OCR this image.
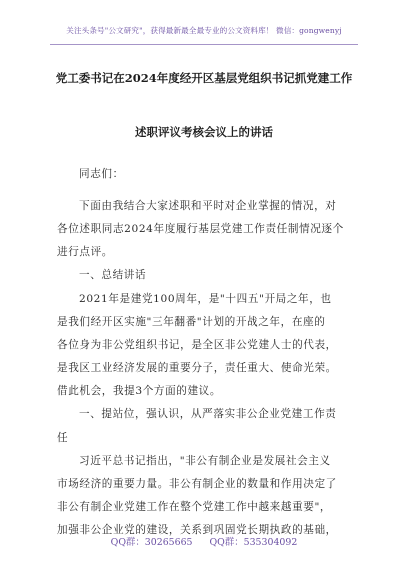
关注头条号"公文研究"，获得最新最全最专业的公文资料库！ 微信：gongwenyj
党工委书记在2024年度经开区基层党组织书记抓党建工作
述职评议考核会议上的讲话
同志们：
下面由我结合大家述职和平时对企业掌握的情况，对
各位述职同志2024年度履行基层党建工作责任制情况逐个
进行点评。
一、总结讲话
2021年是建党100周年，是"十四五"开局之年，也
是我们经开区实施"三年翻番"计划的开战之年，在座的
各位身为非公党组织书记，是全区非公党建人士的代表，
是我区工业经济发展的重要分子，责任重大、使命光荣。
借此机会，我提3个方面的建议。
一、提站位，强认识，从严落实非公企业党建工作责
任
习近平总书记指出，"非公有制企业是发展社会主义
市场经济的重要力量。非公有制企业的数量和作用决定了
非公有制企业党建工作在整个党建工作中越来越重要"，
加强非公企业党的建设，关系到巩固党长期执政的基础，
QQ群：30265665 QQ群：535304092
